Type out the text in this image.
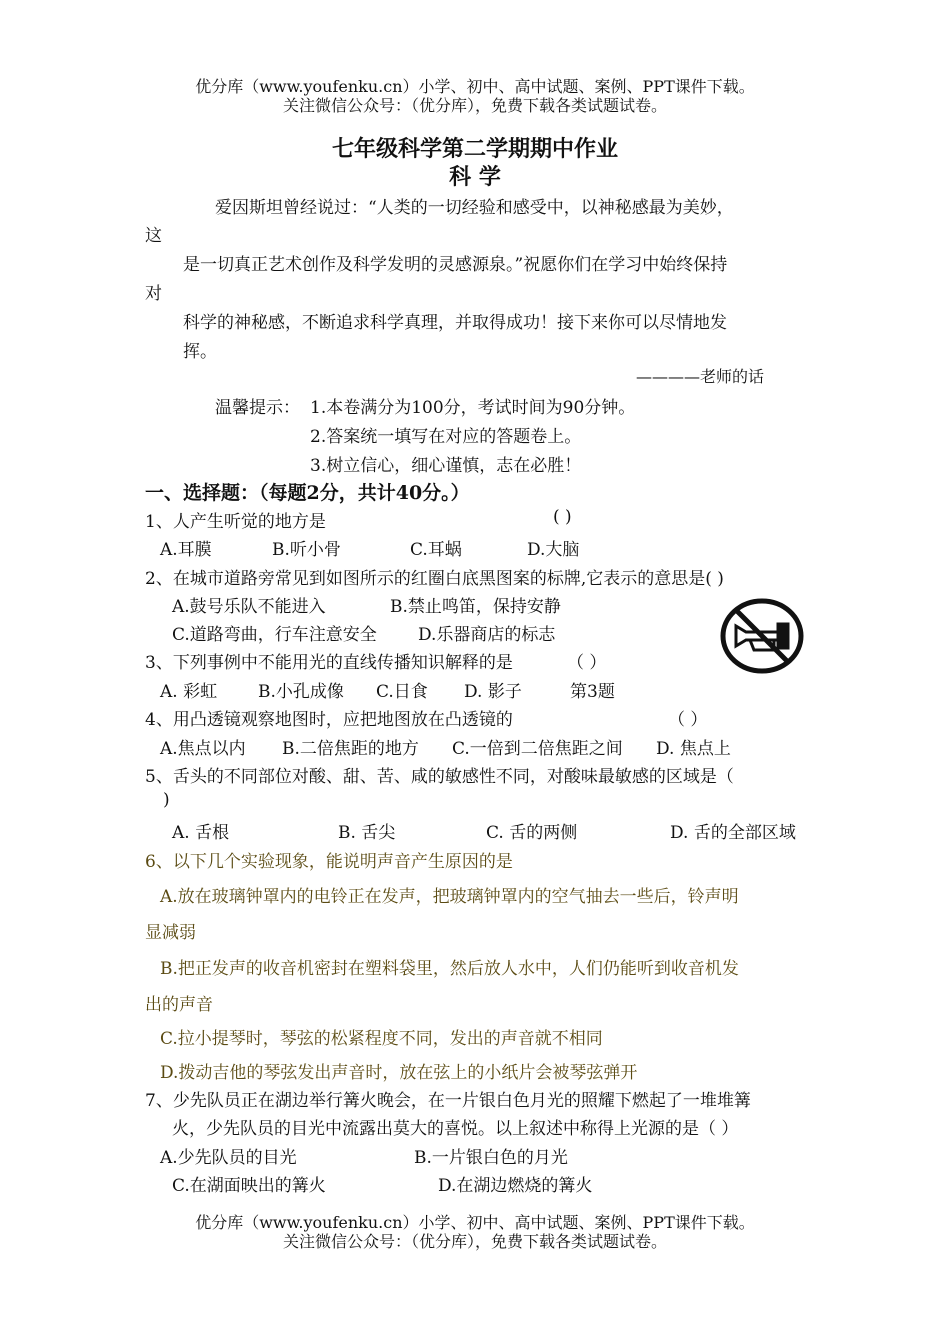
优分库（www.youfenku.cn）小学、初中、高中试题、案例、PPT课件下载。
关注微信公众号：（优分库），免费下载各类试题试卷。
七年级科学第二学期期中作业
科 学
爱因斯坦曾经说过：“人类的一切经验和感受中，以神秘感最为美妙，
这
是一切真正艺术创作及科学发明的灵感源泉。”祝愿你们在学习中始终保持
对
科学的神秘感，不断追求科学真理，并取得成功！接下来你可以尽情地发
挥。
————老师的话
温馨提示： 1.本卷满分为100分，考试时间为90分钟。
2.答案统一填写在对应的答题卷上。
3.树立信心，细心谨慎，志在必胜！
一、选择题：（每题2分，共计40分。）
1、人产生听觉的地方是	( )
A.耳膜	B.听小骨	C.耳蜗	D.大脑
2、在城市道路旁常见到如图所示的红圈白底黑图案的标牌,它表示的意思是( )
A.鼓号乐队不能进入	B.禁止鸣笛，保持安静
C.道路弯曲，行车注意安全 D.乐器商店的标志
3、下列事例中不能用光的直线传播知识解释的是	（ ）
A. 彩虹 B.小孔成像 C.日食 D. 影子	第3题
4、用凸透镜观察地图时，应把地图放在凸透镜的	（ ）
A.焦点以内 B.二倍焦距的地方 C.一倍到二倍焦距之间 D. 焦点上
5、舌头的不同部位对酸、甜、苦、咸的敏感性不同，对酸味最敏感的区域是（
)
A. 舌根	B. 舌尖	C. 舌的两侧	D. 舌的全部区域
6、以下几个实验现象，能说明声音产生原因的是
A.放在玻璃钟罩内的电铃正在发声，把玻璃钟罩内的空气抽去一些后，铃声明
显减弱
B.把正发声的收音机密封在塑料袋里，然后放人水中，人们仍能听到收音机发
出的声音
C.拉小提琴时，琴弦的松紧程度不同，发出的声音就不相同
D.拨动吉他的琴弦发出声音时，放在弦上的小纸片会被琴弦弹开
7、少先队员正在湖边举行篝火晚会，在一片银白色月光的照耀下燃起了一堆堆篝
火，少先队员的目光中流露出莫大的喜悦。以上叙述中称得上光源的是（ ）
A.少先队员的目光	B.一片银白色的月光
C.在湖面映出的篝火	D.在湖边燃烧的篝火
优分库（www.youfenku.cn）小学、初中、高中试题、案例、PPT课件下载。
关注微信公众号：（优分库），免费下载各类试题试卷。
